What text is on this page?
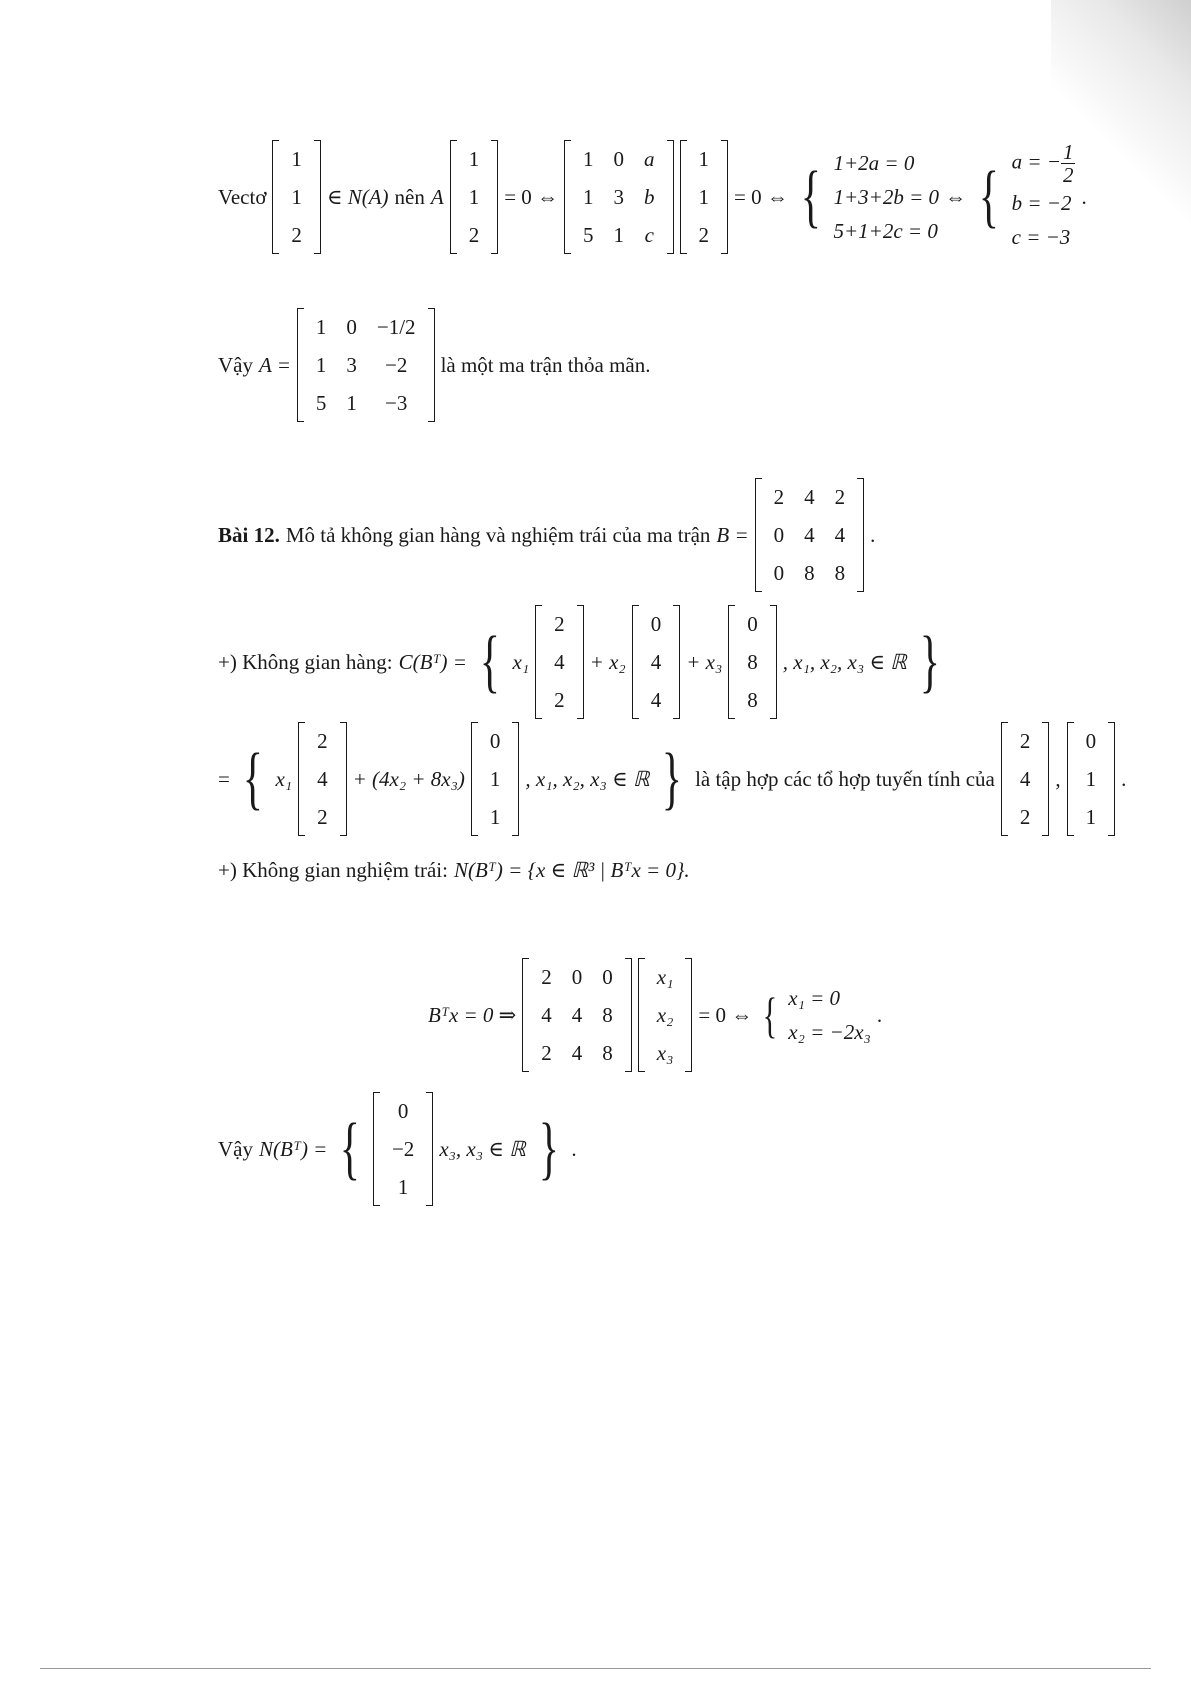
Vectơ
1
1
2
∈ N(A) nên A
1
1
2
= 0 ⇔
1	0	a
1	3	b
5	1	c
1
1
2
= 0 ⇔ { 1+2a = 0
1+3+2b = 0
5+1+2c = 0
⇔ { a = − $\frac{1}{2}$
b = −2
c = −3
.
Vậy A =
1	0	−1/2
1	3	−2
5	1	−3
là một ma trận thỏa mãn.
Bài 12. Mô tả không gian hàng và nghiệm trái của ma trận B =
2	4	2
0	4	4
0	8	8
.
+) Không gian hàng: C(Bᵀ) = { x₁
2
4
2
+ x₂
0
4
4
+ x₃
0
8
8
, x₁, x₂, x₃ ∈ ℝ }
= { x₁
2
4
2
+ (4x₂ + 8x₃)
0
1
1
, x₁, x₂, x₃ ∈ ℝ } là tập hợp các tổ hợp tuyến tính của
2
4
2
,
0
1
1
.
+) Không gian nghiệm trái: N(Bᵀ) = {x ∈ ℝ³ | Bᵀx = 0}.
Bᵀx = 0 ⇒
2	0	0
4	4	8
2	4	8
x₁
x₂
x₃
= 0 ⇔ { x₁ = 0
x₂ = −2x₃
.
Vậy N(Bᵀ) = { 0
−2
1
x₃, x₃ ∈ ℝ } .
